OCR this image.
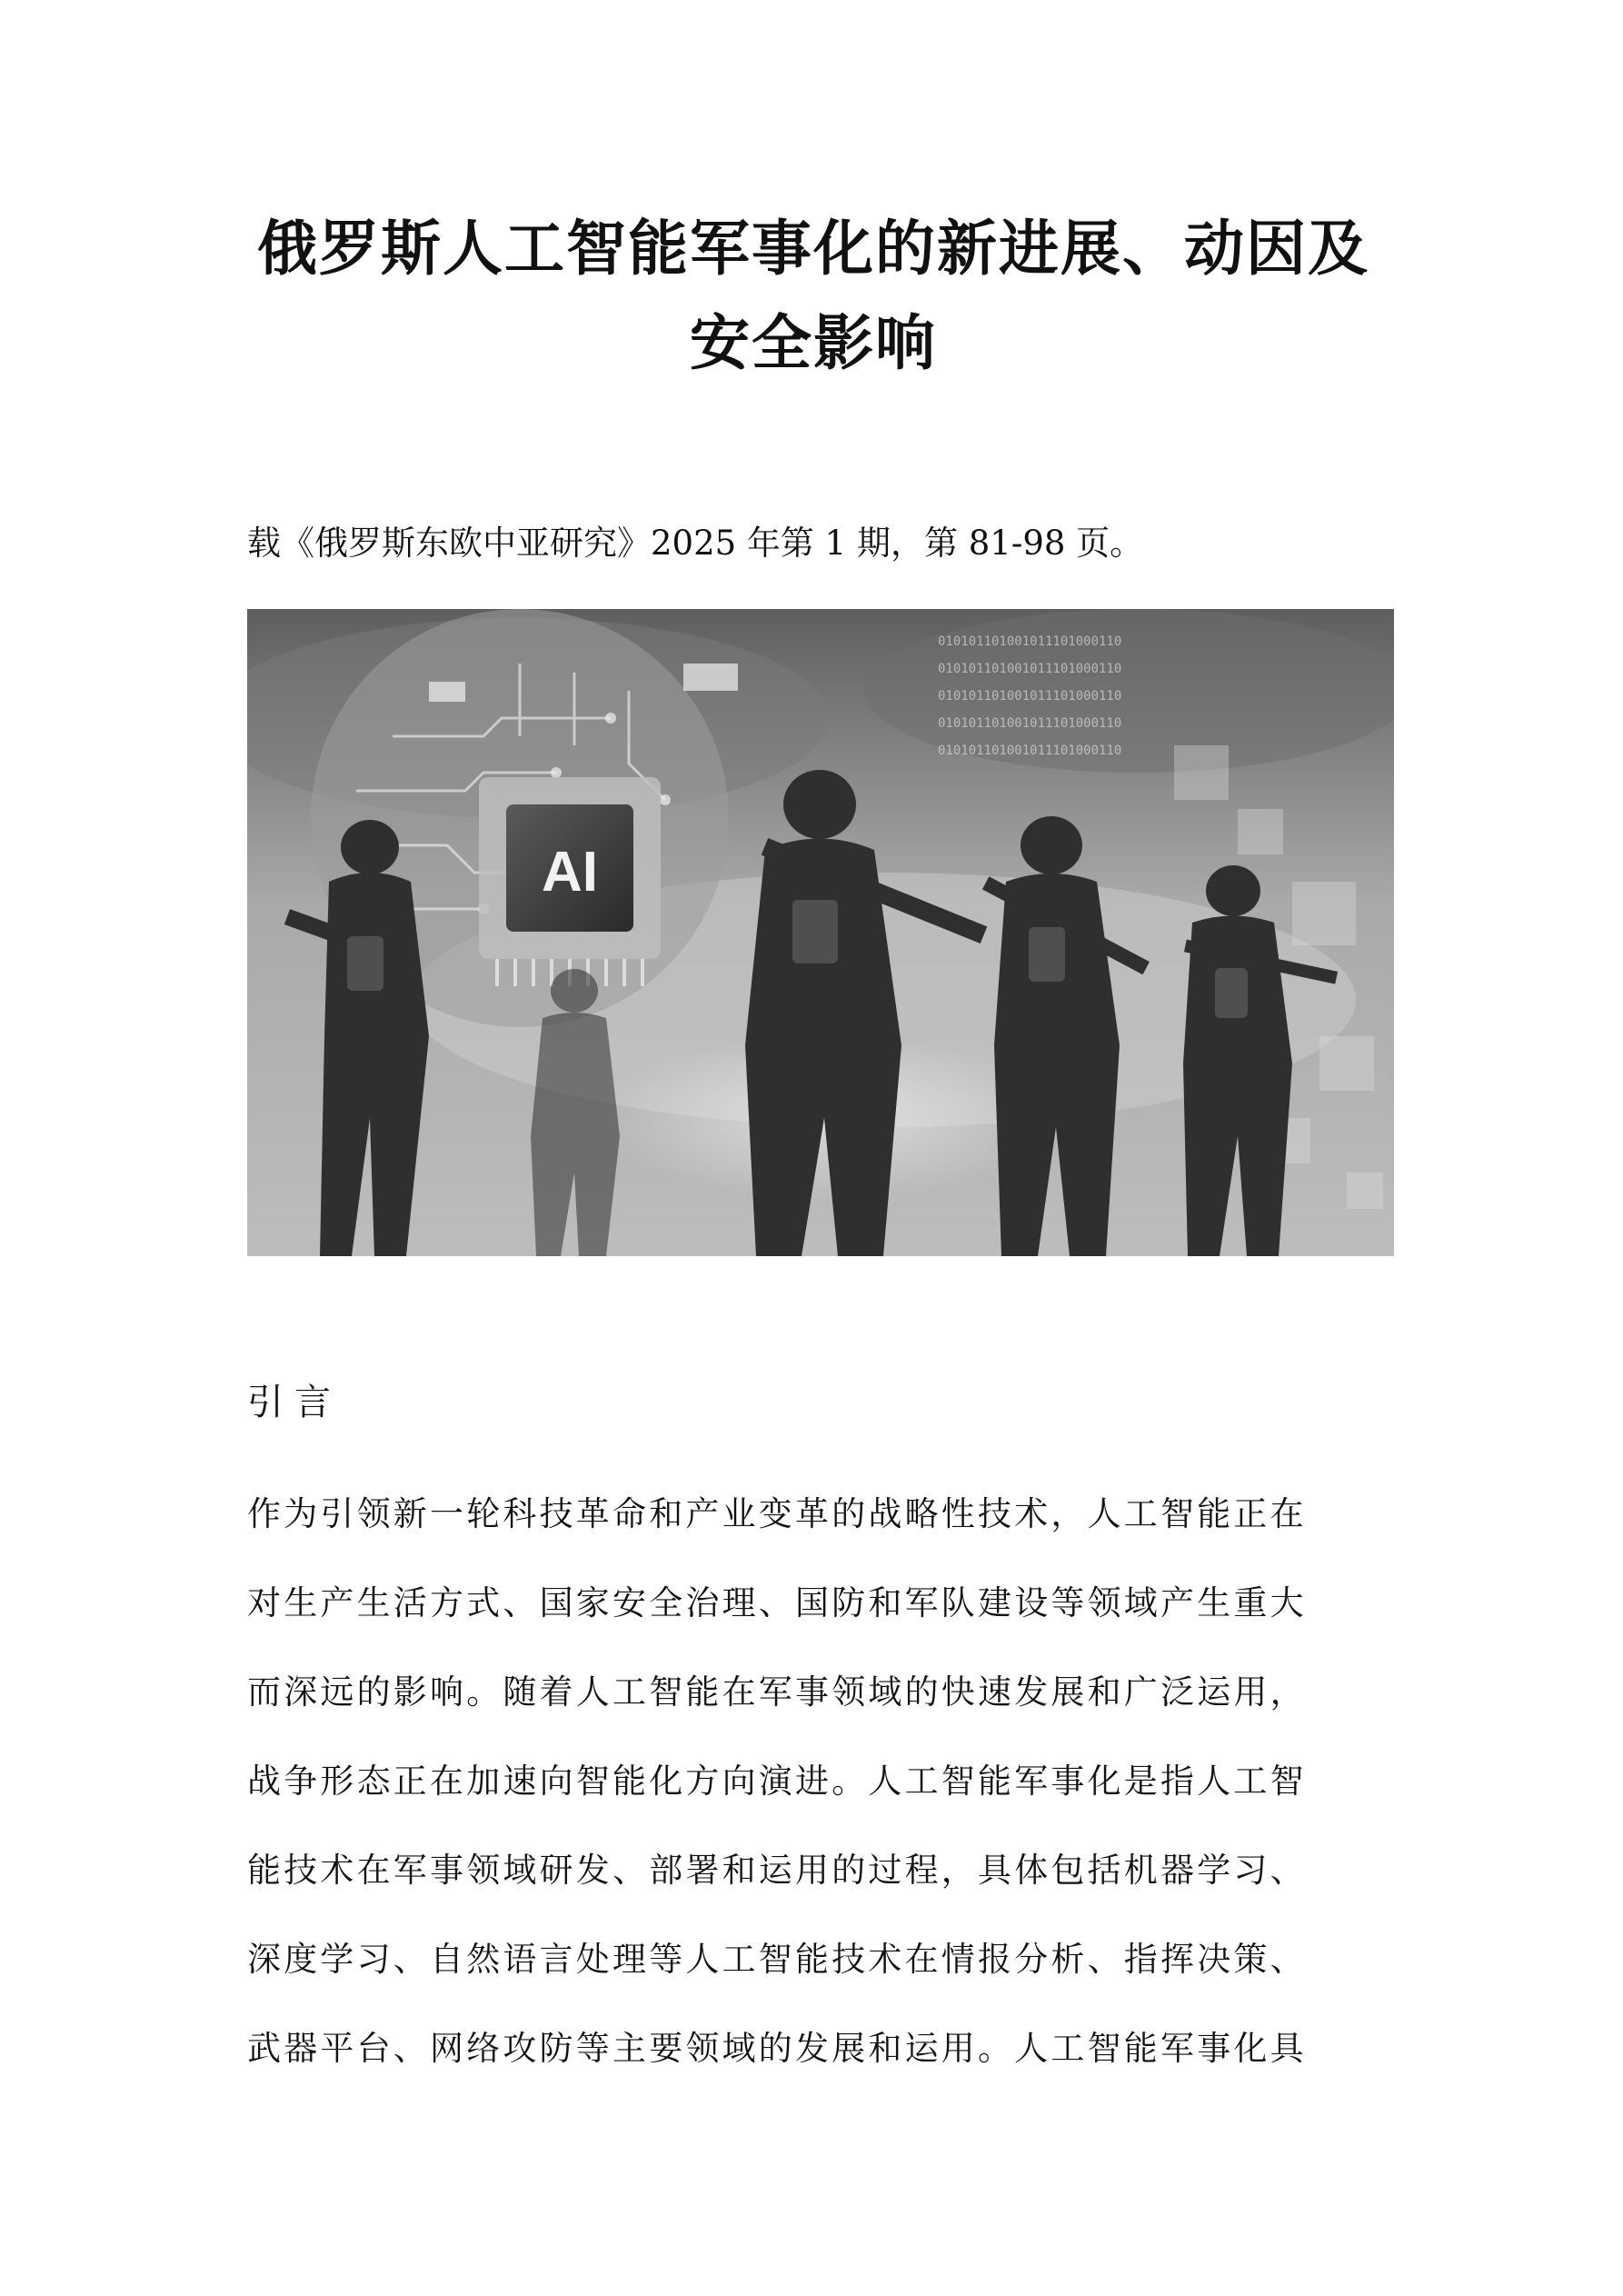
俄罗斯人工智能军事化的新进展、动因及
安全影响

载《俄罗斯东欧中亚研究》2025 年第 1 期，第 81-98 页。

AI
010101101001011101000110
010101101001011101000110
010101101001011101000110
010101101001011101000110
010101101001011101000110
引言
作为引领新一轮科技革命和产业变革的战略性技术，人工智能正在
对生产生活方式、国家安全治理、国防和军队建设等领域产生重大
而深远的影响。随着人工智能在军事领域的快速发展和广泛运用，
战争形态正在加速向智能化方向演进。人工智能军事化是指人工智
能技术在军事领域研发、部署和运用的过程，具体包括机器学习、
深度学习、自然语言处理等人工智能技术在情报分析、指挥决策、
武器平台、网络攻防等主要领域的发展和运用。人工智能军事化具
